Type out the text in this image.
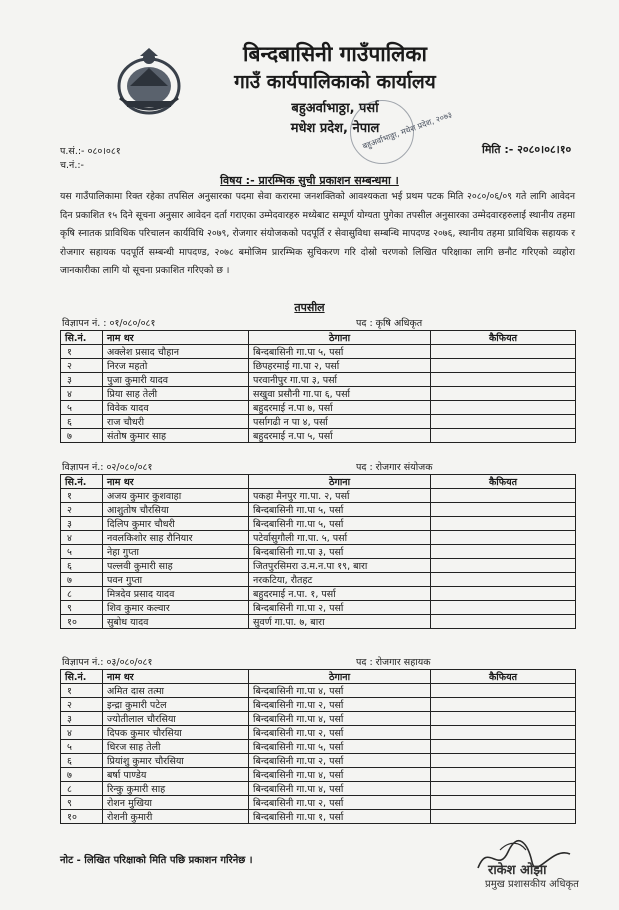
बिन्दबासिनी गाउँपालिका
गाउँ कार्यपालिकाको कार्यालय
बहुअर्वाभाठ्ठा, पर्सा
मधेश प्रदेश, नेपाल
बहुअर्वाभाठ्ठा, मधेश प्रदेश, २०७३
प.सं.:- ०८०।०८१
च.नं.:-
मिति :- २०८०।०८।१०
विषय :- प्रारम्भिक सुची प्रकाशन सम्बन्धमा ।
यस गाउँपालिकामा रिक्त रहेका तपसिल अनुसारका पदमा सेवा करारमा जनशक्तिको आवश्यकता भई प्रथम पटक मिति २०८०/०६/०९ गते लागि आवेदन दिन प्रकाशित १५ दिने सूचना अनुसार आवेदन दर्ता गराएका उम्मेदवारहरु मध्येबाट सम्पूर्ण योग्यता पुगेका तपसील अनुसारका उम्मेदवारहरुलाई स्थानीय तहमा कृषि स्नातक प्राविधिक परिचालन कार्यविधि २०७९, रोजगार संयोजकको पदपूर्ति र सेवासुविधा सम्बन्धि मापदण्ड २०७६, स्थानीय तहमा प्राविधिक सहायक र रोजगार सहायक पदपूर्ति सम्बन्धी मापदण्ड, २०७८ बमोजिम प्रारम्भिक सुचिकरण गरि दोस्रो चरणको लिखित परिक्षाका लागि छनौट गरिएको व्यहोरा जानकारीका लागि यो सूचना प्रकाशित गरिएको छ ।
तपसील
विज्ञापन नं. : ०१/०८०/०८१	पद : कृषि अधिकृत
सि.नं.	नाम थर	ठेगाना	कैफियत
१	अक्लेश प्रसाद चौहान	बिन्दबासिनी गा.पा ५, पर्सा	
२	निरज महतो	छिपहरमाई गा.पा २, पर्सा	
३	पुजा कुमारी यादव	परवानीपुर गा.पा ३, पर्सा	
४	प्रिया साह तेली	सखुवा प्रसौनी गा.पा ६, पर्सा	
५	विवेक यादव	बहुदरमाई न.पा ७, पर्सा	
६	राज चौधरी	पर्सागढी न पा ४, पर्सा	
७	संतोष कुमार साह	बहुदरमाई न.पा ५, पर्सा	
विज्ञापन नं.: ०२/०८०/०८१	पद : रोजगार संयोजक
सि.नं.	नाम थर	ठेगाना	कैफियत
१	अजय कुमार कुशवाहा	पकहा मैनपुर गा.पा. २, पर्सा	
२	आशुतोष चौरसिया	बिन्दबासिनी गा.पा ५, पर्सा	
३	दिलिप कुमार चौधरी	बिन्दबासिनी गा.पा ५, पर्सा	
४	नवलकिशोर साह रौनियार	पटेर्वासुगौली गा.पा. ५, पर्सा	
५	नेहा गुप्ता	बिन्दबासिनी गा.पा ३, पर्सा	
६	पल्लवी कुमारी साह	जितपुरसिमरा उ.म.न.पा १९, बारा	
७	पवन गुप्ता	नरकटिया, रौतहट	
८	मित्रदेव प्रसाद यादव	बहुदरमाई न.पा. १, पर्सा	
९	शिव कुमार कल्वार	बिन्दबासिनी गा.पा २, पर्सा	
१०	सुबोध यादव	सुवर्ण गा.पा. ७, बारा	
विज्ञापन नं.: ०३/०८०/०८१	पद : रोजगार सहायक
सि.नं.	नाम थर	ठेगाना	कैफियत
१	अमित दास तत्मा	बिन्दबासिनी गा.पा ४, पर्सा	
२	इन्द्रा कुमारी पटेल	बिन्दबासिनी गा.पा २, पर्सा	
३	ज्योतीलाल चौरसिया	बिन्दबासिनी गा.पा ४, पर्सा	
४	दिपक कुमार चौरसिया	बिन्दबासिनी गा.पा २, पर्सा	
५	धिरज साह तेली	बिन्दबासिनी गा.पा ५, पर्सा	
६	प्रियांशु कुमार चौरसिया	बिन्दबासिनी गा.पा २, पर्सा	
७	बर्षा पाण्डेय	बिन्दबासिनी गा.पा ४, पर्सा	
८	रिन्कु कुमारी साह	बिन्दबासिनी गा.पा ४, पर्सा	
९	रोशन मुखिया	बिन्दबासिनी गा.पा २, पर्सा	
१०	रोशनी कुमारी	बिन्दबासिनी गा.पा १, पर्सा	
नोट - लिखित परिक्षाको मिति पछि प्रकाशन गरिनेछ ।
राकेश ओझा
प्रमुख प्रशासकीय अधिकृत
